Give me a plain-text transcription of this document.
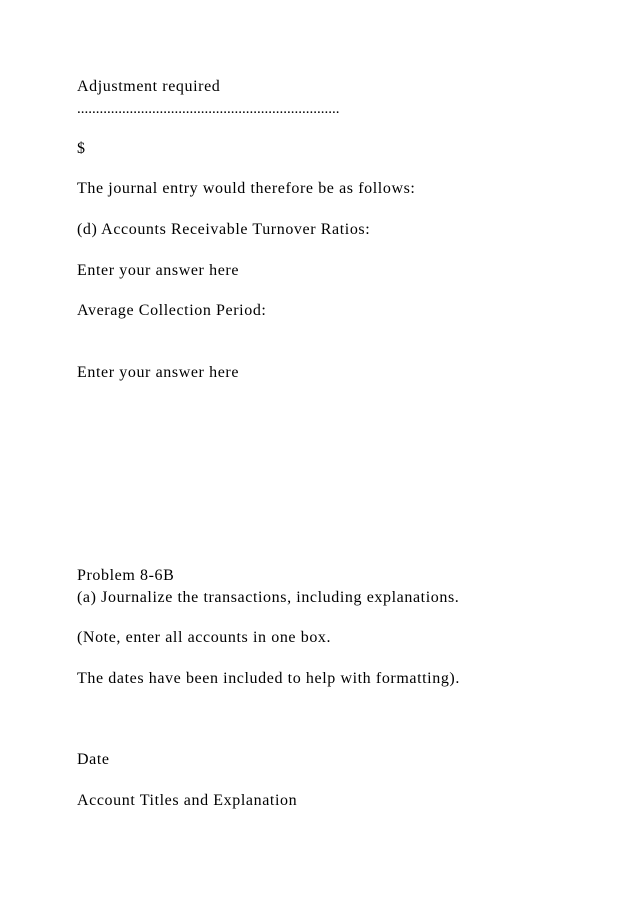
Adjustment required

......................................................................

$

The journal entry would therefore be as follows:

(d) Accounts Receivable Turnover Ratios:

Enter your answer here

Average Collection Period:

Enter your answer here

Problem 8-6B

(a) Journalize the transactions, including explanations.

(Note, enter all accounts in one box.

The dates have been included to help with formatting).

Date

Account Titles and Explanation
